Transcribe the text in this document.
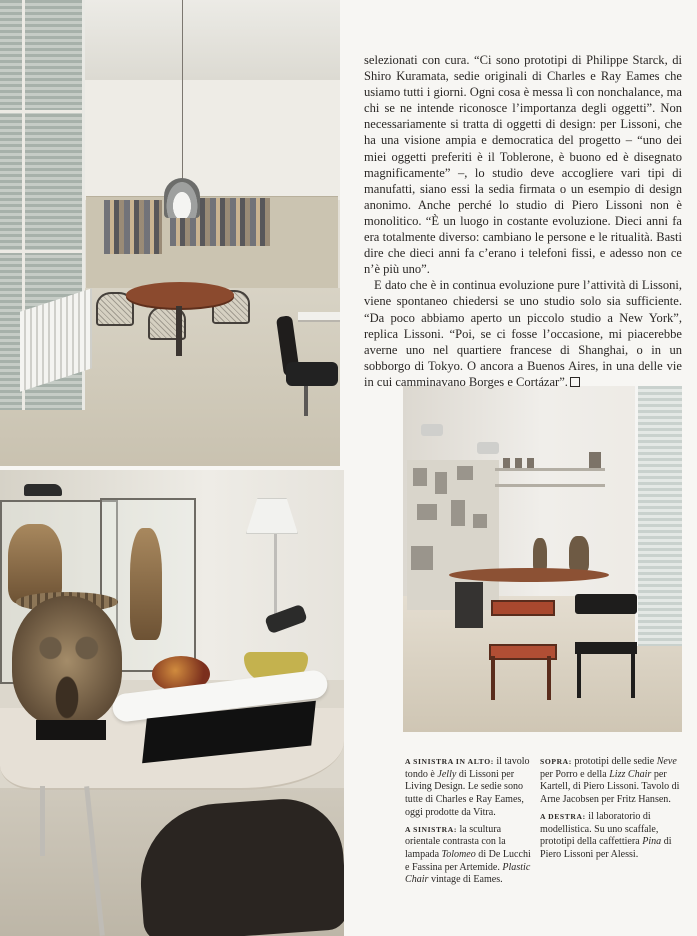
selezionati con cura. “Ci sono prototipi di Philippe Starck, di Shiro Kuramata, sedie originali di Charles e Ray Eames che usiamo tutti i giorni. Ogni cosa è messa lì con nonchalance, ma chi se ne intende riconosce l’importanza degli oggetti”. Non necessariamente si tratta di oggetti di design: per Lissoni, che ha una visione ampia e democratica del progetto – “uno dei miei oggetti preferiti è il Toblerone, è buono ed è disegnato magnificamente” –, lo studio deve accogliere vari tipi di manufatti, siano essi la sedia firmata o un esempio di design anonimo. Anche perché lo studio di Piero Lissoni non è monolitico. “È un luogo in costante evoluzione. Dieci anni fa era totalmente diverso: cambiano le persone e le ritualità. Basti dire che dieci anni fa c’erano i telefoni fissi, e adesso non ce n’è più uno”.

E dato che è in continua evoluzione pure l’attività di Lissoni, viene spontaneo chiedersi se uno studio solo sia sufficiente. “Da poco abbiamo aperto un piccolo studio a New York”, replica Lissoni. “Poi, se ci fosse l’occasione, mi piacerebbe averne uno nel quartiere francese di Shanghai, o in un sobborgo di Tokyo. O ancora a Buenos Aires, in una delle vie in cui camminavano Borges e Cortázar”.

A SINISTRA IN ALTO: il tavolo tondo è Jelly di Lissoni per Living Design. Le sedie sono tutte di Charles e Ray Eames, oggi prodotte da Vitra.

A SINISTRA: la scultura orientale contrasta con la lampada Tolomeo di De Lucchi e Fassina per Artemide. Plastic Chair vintage di Eames.

SOPRA: prototipi delle sedie Neve per Porro e della Lizz Chair per Kartell, di Piero Lissoni. Tavolo di Arne Jacobsen per Fritz Hansen.

A DESTRA: il laboratorio di modellistica. Su uno scaffale, prototipi della caffettiera Pina di Piero Lissoni per Alessi.
